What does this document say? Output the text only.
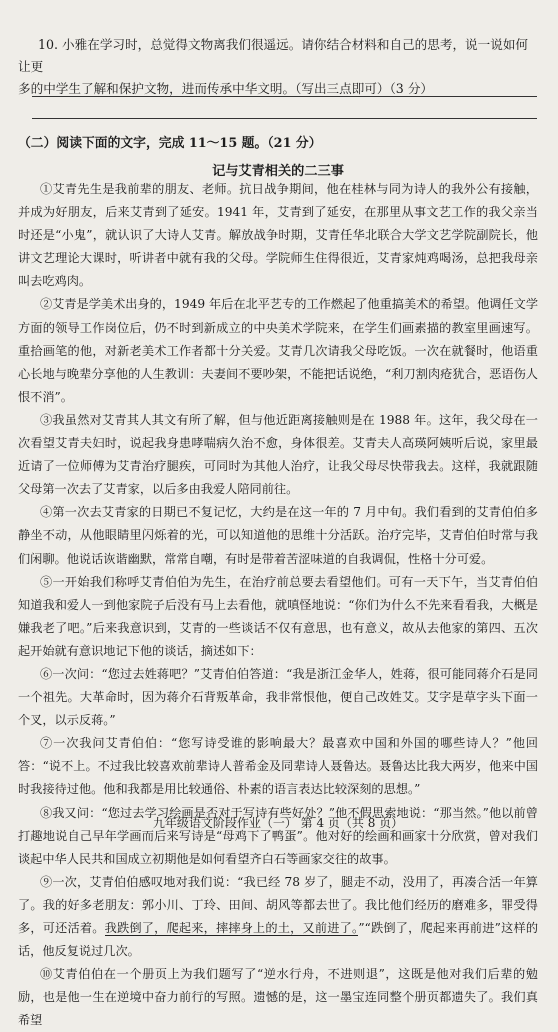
10. 小雅在学习时，总觉得文物离我们很遥远。请你结合材料和自己的思考，说一说如何让更
多的中学生了解和保护文物，进而传承中华文明。（写出三点即可）（3 分）

（二）阅读下面的文字，完成 11～15 题。（21 分）

记与艾青相关的二三事

①艾青先生是我前辈的朋友、老师。抗日战争期间，他在桂林与同为诗人的我外公有接触，并成为好朋友，后来艾青到了延安。1941 年，艾青到了延安，在那里从事文艺工作的我父亲当时还是“小鬼”，就认识了大诗人艾青。解放战争时期，艾青任华北联合大学文艺学院副院长，他讲文艺理论大课时，听讲者中就有我的父母。学院师生住得很近，艾青家炖鸡喝汤，总把我母亲叫去吃鸡肉。

②艾青是学美术出身的，1949 年后在北平艺专的工作燃起了他重搞美术的希望。他调任文学方面的领导工作岗位后，仍不时到新成立的中央美术学院来，在学生们画素描的教室里画速写。重拾画笔的他，对新老美术工作者都十分关爱。艾青几次请我父母吃饭。一次在就餐时，他语重心长地与晚辈分享他的人生教训：夫妻间不要吵架，不能把话说绝，“利刀割肉疮犹合，恶语伤人恨不消”。

③我虽然对艾青其人其文有所了解，但与他近距离接触则是在 1988 年。这年，我父母在一次看望艾青夫妇时，说起我身患哮喘病久治不愈，身体很差。艾青夫人高瑛阿姨听后说，家里最近请了一位师傅为艾青治疗腿疾，可同时为其他人治疗，让我父母尽快带我去。这样，我就跟随父母第一次去了艾青家，以后多由我爱人陪同前往。

④第一次去艾青家的日期已不复记忆，大约是在这一年的 7 月中旬。我们看到的艾青伯伯多静坐不动，从他眼睛里闪烁着的光，可以知道他的思维十分活跃。治疗完毕，艾青伯伯时常与我们闲聊。他说话诙谐幽默，常常自嘲，有时是带着苦涩味道的自我调侃，性格十分可爱。

⑤一开始我们称呼艾青伯伯为先生，在治疗前总要去看望他们。可有一天下午，当艾青伯伯知道我和爱人一到他家院子后没有马上去看他，就嗔怪地说：“你们为什么不先来看看我，大概是嫌我老了吧。”后来我意识到，艾青的一些谈话不仅有意思，也有意义，故从去他家的第四、五次起开始就有意识地记下他的谈话，摘述如下：

⑥一次问：“您过去姓蒋吧？”艾青伯伯答道：“我是浙江金华人，姓蒋，很可能同蒋介石是同一个祖先。大革命时，因为蒋介石背叛革命，我非常恨他，便自己改姓艾。艾字是草字头下面一个叉，以示反蒋。”

⑦一次我问艾青伯伯：“您写诗受谁的影响最大？最喜欢中国和外国的哪些诗人？”他回答：“说不上。不过我比较喜欢前辈诗人普希金及同辈诗人聂鲁达。聂鲁达比我大两岁，他来中国时我接待过他。他和我都是用比较通俗、朴素的语言表达比较深刻的思想。”

⑧我又问：“您过去学习绘画是否对于写诗有些好处？”他不假思索地说：“那当然。”他以前曾打趣地说自己早年学画而后来写诗是“母鸡下了鸭蛋”。他对好的绘画和画家十分欣赏，曾对我们谈起中华人民共和国成立初期他是如何看望齐白石等画家交往的故事。

⑨一次，艾青伯伯感叹地对我们说：“我已经 78 岁了，腿走不动，没用了，再凑合活一年算了。我的好多老朋友：郭小川、丁玲、田间、胡风等都去世了。我比他们经历的磨难多，罪受得多，可还活着。我跌倒了，爬起来，摔摔身上的土，又前进了。”“跌倒了，爬起来再前进”这样的话，他反复说过几次。

⑩艾青伯伯在一个册页上为我们题写了“逆水行舟，不进则退”，这既是他对我们后辈的勉励，也是他一生在逆境中奋力前行的写照。遗憾的是，这一墨宝连同整个册页都遗失了。我们真希望

九年级语文阶段作业（一） 第 4 页（共 8 页）
